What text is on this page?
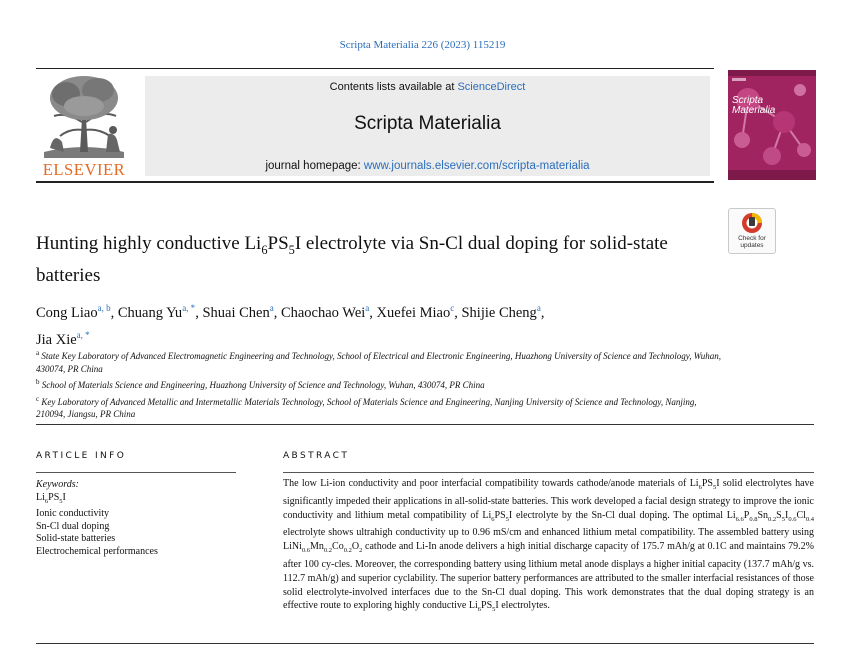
Scripta Materialia 226 (2023) 115219
ELSEVIER
Contents lists available at ScienceDirect
Scripta Materialia
journal homepage: www.journals.elsevier.com/scripta-materialia
Scripta
Materialia
Check for
updates
Hunting highly conductive $Li_6PS_5I$ electrolyte via Sn-Cl dual doping for solid-state batteries
Cong Liao$^{a, b}$, Chuang $Yu^{a, *}$, Shuai Chen$^a$, Chaochao Wei$^a$, Xuefei Miao$^c$, Shijie Cheng$^a$,
Jia Xie$^{a, *}$

$^a$ State Key Laboratory of Advanced Electromagnetic Engineering and Technology, School of Electrical and Electronic Engineering, Huazhong University of Science and Technology, Wuhan, 430074, PR China

$^b$ School of Materials Science and Engineering, Huazhong University of Science and Technology, Wuhan, 430074, PR China

$^c$ Key Laboratory of Advanced Metallic and Intermetallic Materials Technology, School of Materials Science and Engineering, Nanjing University of Science and Technology, Nanjing, 210094, Jiangsu, PR China

ARTICLE INFO	ABSTRACT
Keywords:
$Li_6PS_5I$
Ionic conductivity
Sn-Cl dual doping
Solid-state batteries
Electrochemical performances
The low Li-ion conductivity and poor interfacial compatibility towards cathode/anode materials of $Li_6PS_5I$ solid electrolytes have significantly impeded their applications in all-solid-state batteries. This work developed a facial design strategy to improve the ionic conductivity and lithium metal compatibility of $Li_6PS_5I$ electrolyte by the Sn-Cl dual doping. The optimal $Li_{6.6}P_{0.8}Sn_{0.2}S_5I_{0.6}Cl_{0.4}$ electrolyte shows ultrahigh conductivity up to 0.96 mS/cm and enhanced lithium metal compatibility. The assembled battery using $LiNi_{0.6}Mn_{0.2}Co_{0.2}O_2$ cathode and Li-In anode delivers a high initial discharge capacity of 175.7 mAh/g at 0.1C and maintains 79.2% after 100 cy-cles. Moreover, the corresponding battery using lithium metal anode displays a higher initial capacity (137.7 mAh/g vs. 112.7 mAh/g) and superior cyclability. The superior battery performances are attributed to the smaller interfacial resistances of those solid electrolyte-involved interfaces due to the Sn-Cl dual doping. This work demonstrates that the dual doping strategy is an effective route to exploring highly conductive $Li_6PS_5I$ electrolytes.
